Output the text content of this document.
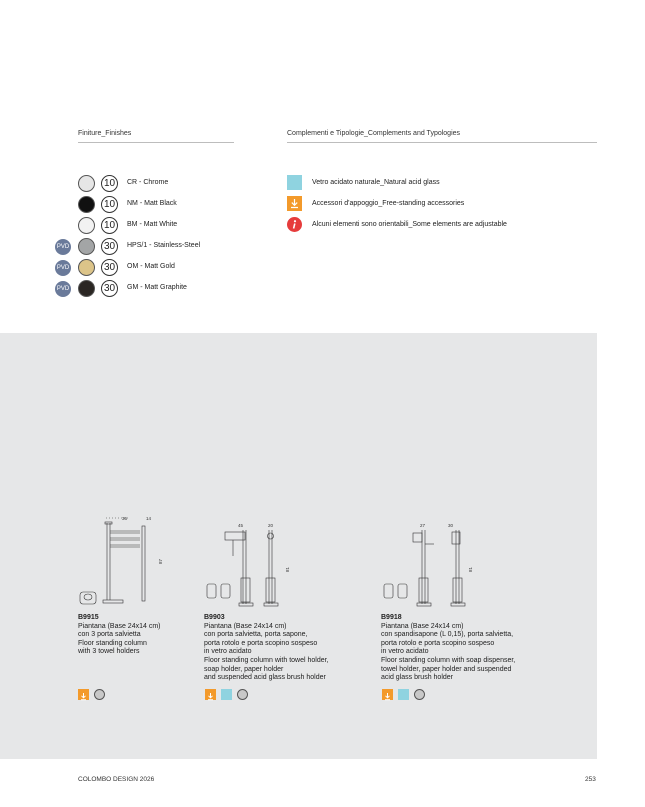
Finiture_Finishes	Complementi e Tipologie_Complements and Typologies
10	CR - Chrome
10	NM - Matt Black
10	BM - Matt White
PVD	30	HPS/1 - Stainless-Steel
PVD	30	OM - Matt Gold
PVD	30	GM - Matt Graphite
Vetro acidato naturale_Natural acid glass
Accessori d'appoggio_Free-standing accessories
Alcuni elementi sono orientabili_Some elements are adjustable
36	14
87
45	20
81
27	30
81
B9915
Piantana (Base 24x14 cm)
con 3 porta salvietta
Floor standing column
with 3 towel holders
B9903
Piantana (Base 24x14 cm)
con porta salvietta, porta sapone,
porta rotolo e porta scopino sospeso
in vetro acidato
Floor standing column with towel holder,
soap holder, paper holder
and suspended acid glass brush holder
B9918
Piantana (Base 24x14 cm)
con spandisapone (L 0,15), porta salvietta,
porta rotolo e porta scopino sospeso
in vetro acidato
Floor standing column with soap dispenser,
towel holder, paper holder and suspended
acid glass brush holder
COLOMBO DESIGN 2026	253
